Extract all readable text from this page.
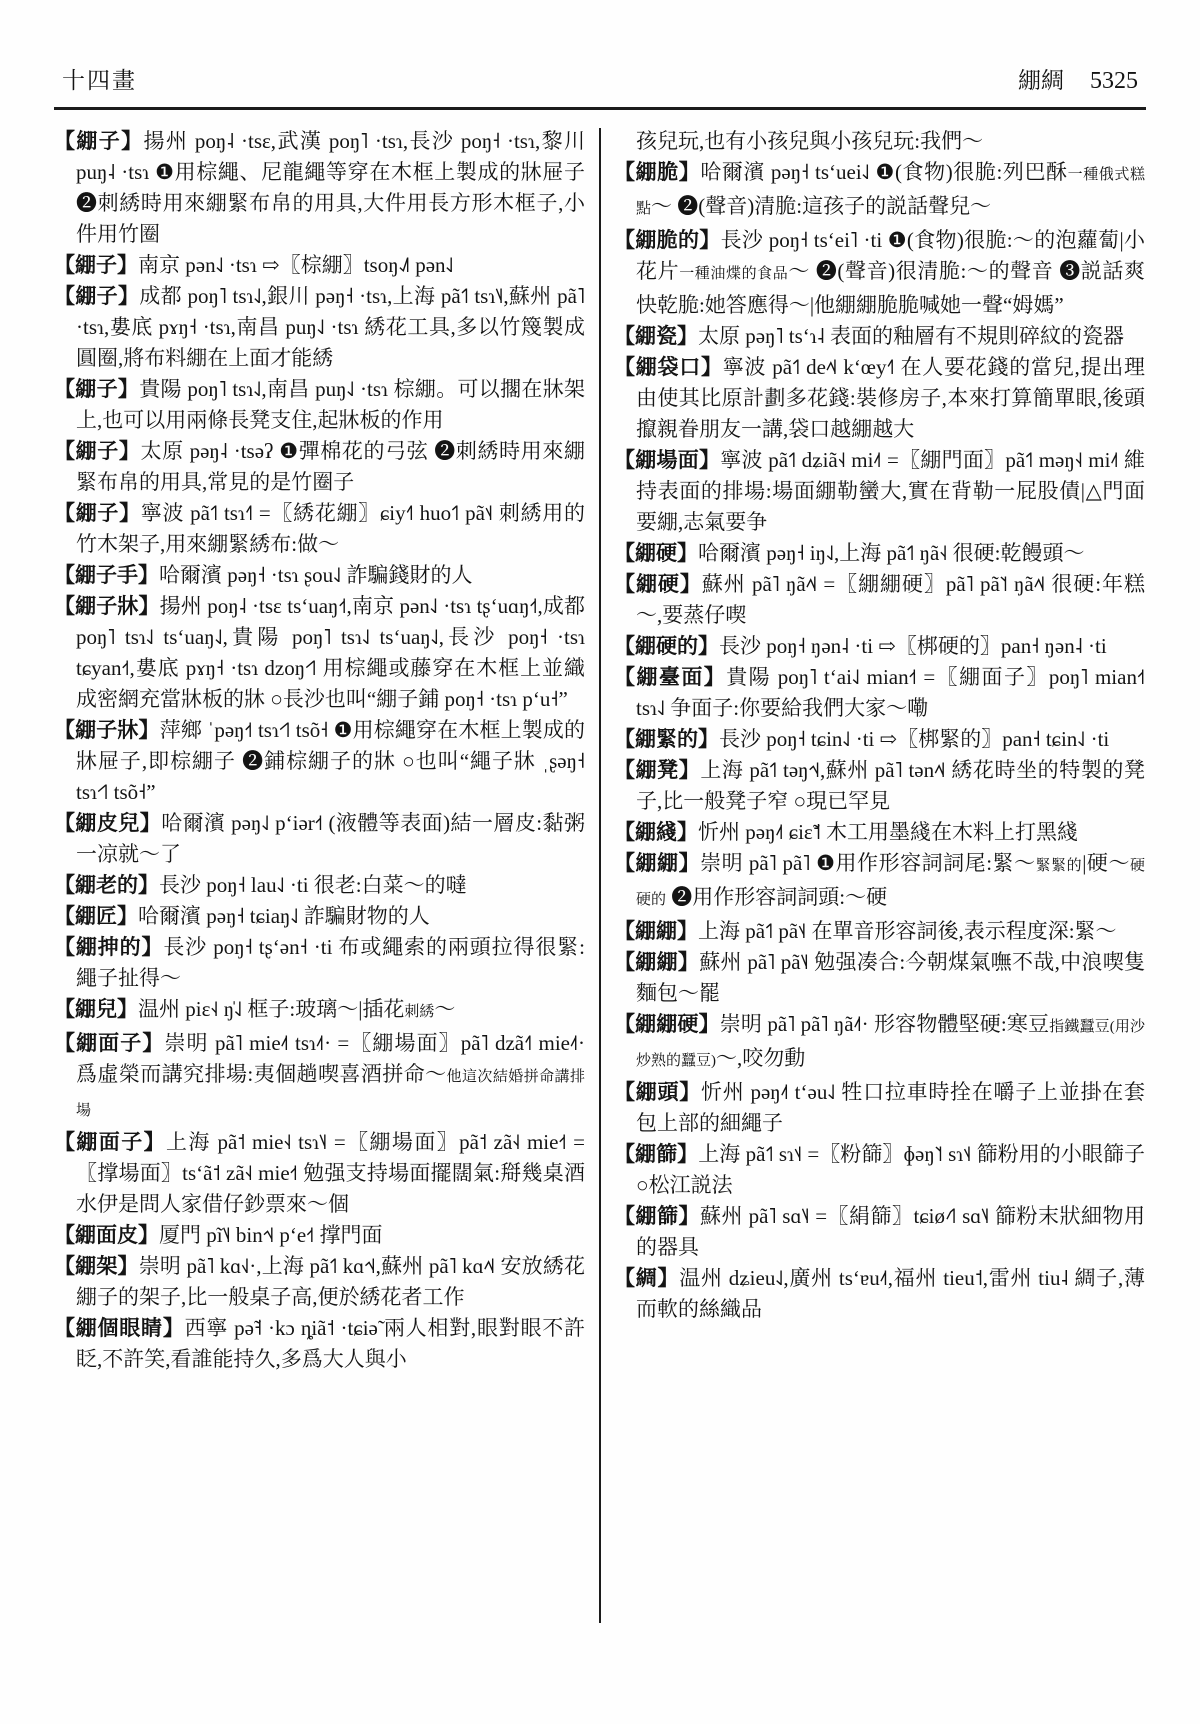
十四畫	綳綢 5325
【綳子】揚州 poŋ˨ ·tsɛ,武漢 poŋ˥ ·tsɿ,長沙 poŋ˧ ·tsɿ,黎川 puŋ˨ ·tsɿ ❶用棕繩、尼龍繩等穿在木框上製成的牀屉子 ❷刺綉時用來綳緊布帛的用具,大件用長方形木框子,小件用竹圈
【綳子】南京 pən˨˩ ·tsɿ ⇨〖棕綳〗tsoŋ˨˩˥ pən˨˩
【綳子】成都 poŋ˥ tsɿ˨˩,銀川 pəŋ˧ ·tsɿ,上海 pã˦˥ tsɿ˥˨,蘇州 pã˥ ·tsɿ,婁底 pɤŋ˧ ·tsɿ,南昌 puŋ˨˩ ·tsɿ 綉花工具,多以竹篾製成圓圈,將布料綳在上面才能綉
【綳子】貴陽 poŋ˥ tsɿ˨˩,南昌 puŋ˨˩ ·tsɿ 棕綳。可以擱在牀架上,也可以用兩條長凳支住,起牀板的作用
【綳子】太原 pəŋ˨ ·tsəʔ ❶彈棉花的弓弦 ❷刺綉時用來綳緊布帛的用具,常見的是竹圈子
【綳子】寧波 pã˦˥ tsɿ˧˥ =〖綉花綳〗ɕiy˧˥ huo˦˥ pã˦˨ 刺綉用的竹木架子,用來綳緊綉布:做～
【綳子手】哈爾濱 pəŋ˧ ·tsɿ ʂou˨˩ 詐騙錢財的人
【綳子牀】揚州 poŋ˨ ·tsɛ tsʻuaŋ˧˦,南京 pən˨˩ ·tsɿ tʂʻuɑŋ˧˦,成都 poŋ˥ tsɿ˨˩ tsʻuaŋ˨˩,貴陽 poŋ˥ tsɿ˨˩ tsʻuaŋ˨˩,長沙 poŋ˧ ·tsɿ tɕyan˧˦,婁底 pɤŋ˧ ·tsɿ dzoŋ˧˦˥ 用棕繩或藤穿在木框上並織成密網充當牀板的牀 ○長沙也叫“綳子鋪 poŋ˧ ·tsɿ pʻu˧”
【綳子牀】萍鄉 ˈpəŋ˧˦ tsɿ˧˦˥ tsõ˧ ❶用棕繩穿在木框上製成的牀屉子,即棕綳子 ❷鋪棕綳子的牀 ○也叫“繩子牀 ˌʂəŋ˧ tsɿ˧˦˥ tsõ˧”
【綳皮兒】哈爾濱 pəŋ˨˩ pʻiər˧˦ (液體等表面)結一層皮:黏粥一凉就～了
【綳老的】長沙 poŋ˧ lau˨˩ ·ti 很老:白菜～的噠
【綳匠】哈爾濱 pəŋ˧ tɕiaŋ˨˩ 詐騙財物的人
【綳抻的】長沙 poŋ˧ tʂʻən˧ ·ti 布或繩索的兩頭拉得很緊:繩子扯得～
【綳兒】温州 piɛ˧˨ ŋ̍˨˩ 框子:玻璃～|插花刺綉～
【綳面子】崇明 pã˥ mie˨˦ tsɿ˨˦· =〖綳場面〗pã˥ dzã˧˥ mie˨˦· 爲虛榮而講究排場:夷個趟喫喜酒拼命～他這次結婚拼命講排場
【綳面子】上海 pã˦ mie˧˨ tsɿ˥˨ =〖綳場面〗pã˦ zã˧˨ mie˧˦ =〖撑場面〗tsʻã˦ zã˧˨ mie˧˦ 勉强支持場面擺闊氣:搿幾桌酒水伊是問人家借仔鈔票來～個
【綳面皮】厦門 pĩ˥˨ bin˧˦˨ pʻe˧˦ 撑門面
【綳架】崇明 pã˥ kɑ˧˩·,上海 pã˦˥ kɑ˧˦˨,蘇州 pã˥ kɑ˨˦˨ 安放綉花綳子的架子,比一般桌子高,便於綉花者工作
【綳個眼睛】西寧 pə̃˧ ·kɔ ȵiã˦ ·tɕiə̃ 兩人相對,眼對眼不許眨,不許笑,看誰能持久,多爲大人與小
孩兒玩,也有小孩兒與小孩兒玩:我們～
【綳脆】哈爾濱 pəŋ˧ tsʻuei˨˩ ❶(食物)很脆:列巴酥一種俄式糕點～ ❷(聲音)清脆:這孩子的説話聲兒～
【綳脆的】長沙 poŋ˧ tsʻei˥ ·ti ❶(食物)很脆:～的泡蘿蔔|小花片一種油煠的食品～ ❷(聲音)很清脆:～的聲音 ❸説話爽快乾脆:她答應得～|他綳綳脆脆喊她一聲“姆媽”
【綳瓷】太原 pəŋ˥ tsʻɿ˨ 表面的釉層有不規則碎紋的瓷器
【綳袋口】寧波 pã˦˥ de˨˦˨ kʻœy˧˥ 在人要花錢的當兒,提出理由使其比原計劃多花錢:裝修房子,本來打算簡單眼,後頭攛親眷朋友一講,袋口越綳越大
【綳場面】寧波 pã˦˥ dʑiã˧˨ mi˨˦ =〖綳門面〗pã˦˥ məŋ˧˨ mi˨˦ 維持表面的排場:場面綳勒蠻大,實在背勒一屁股債|△門面要綳,志氣要争
【綳硬】哈爾濱 pəŋ˧ iŋ˨˩,上海 pã˦˥ ŋã˧˨ 很硬:乾饅頭～
【綳硬】蘇州 pã˥ ŋã˨˦˨ =〖綳綳硬〗pã˥ pã˥˦ ŋã˨˦˨ 很硬:年糕～,要蒸仔喫
【綳硬的】長沙 poŋ˧ ŋən˨ ·ti ⇨〖梆硬的〗pan˧ ŋən˨ ·ti
【綳臺面】貴陽 poŋ˥ tʻai˨˩ mian˧˦ =〖綳面子〗poŋ˥ mian˧˦ tsɿ˨˩ 争面子:你要給我們大家～嘞
【綳緊的】長沙 poŋ˧ tɕin˨˩ ·ti ⇨〖梆緊的〗pan˧ tɕin˨˩ ·ti
【綳凳】上海 pã˦˥ təŋ˧˦˨,蘇州 pã˥ tən˨˦˨ 綉花時坐的特製的凳子,比一般凳子窄 ○現已罕見
【綳綫】忻州 pəŋ˨˦ ɕiɛ̃˦ 木工用墨綫在木料上打黑綫
【綳綳】崇明 pã˥ pã˥ ❶用作形容詞詞尾:緊～緊緊的|硬～硬硬的 ❷用作形容詞詞頭:～硬
【綳綳】上海 pã˦˥ pã˦˨ 在單音形容詞後,表示程度深:緊～
【綳綳】蘇州 pã˥ pã˥˨ 勉强凑合:今朝煤氣嘸不哉,中浪喫隻麵包～罷
【綳綳硬】崇明 pã˥ pã˥ ŋã˨˦· 形容物體堅硬:寒豆指鐵蠶豆(用沙炒熟的蠶豆)～,咬勿動
【綳頭】忻州 pəŋ˨˦ tʻəu˨˩ 牲口拉車時拴在嚼子上並掛在套包上部的細繩子
【綳篩】上海 pã˦˥ sɿ˦˨ =〖粉篩〗ɸəŋ˥˦ sɿ˦˨ 篩粉用的小眼篩子 ○松江説法
【綳篩】蘇州 pã˥ sɑ˥˨ =〖絹篩〗tɕiø˨˦˥ sɑ˥˨ 篩粉末狀細物用的器具
【綢】温州 dʑieu˨˩,廣州 tsʻɐu˨˦,福州 tieu˦,雷州 tiu˨ 綢子,薄而軟的絲織品
